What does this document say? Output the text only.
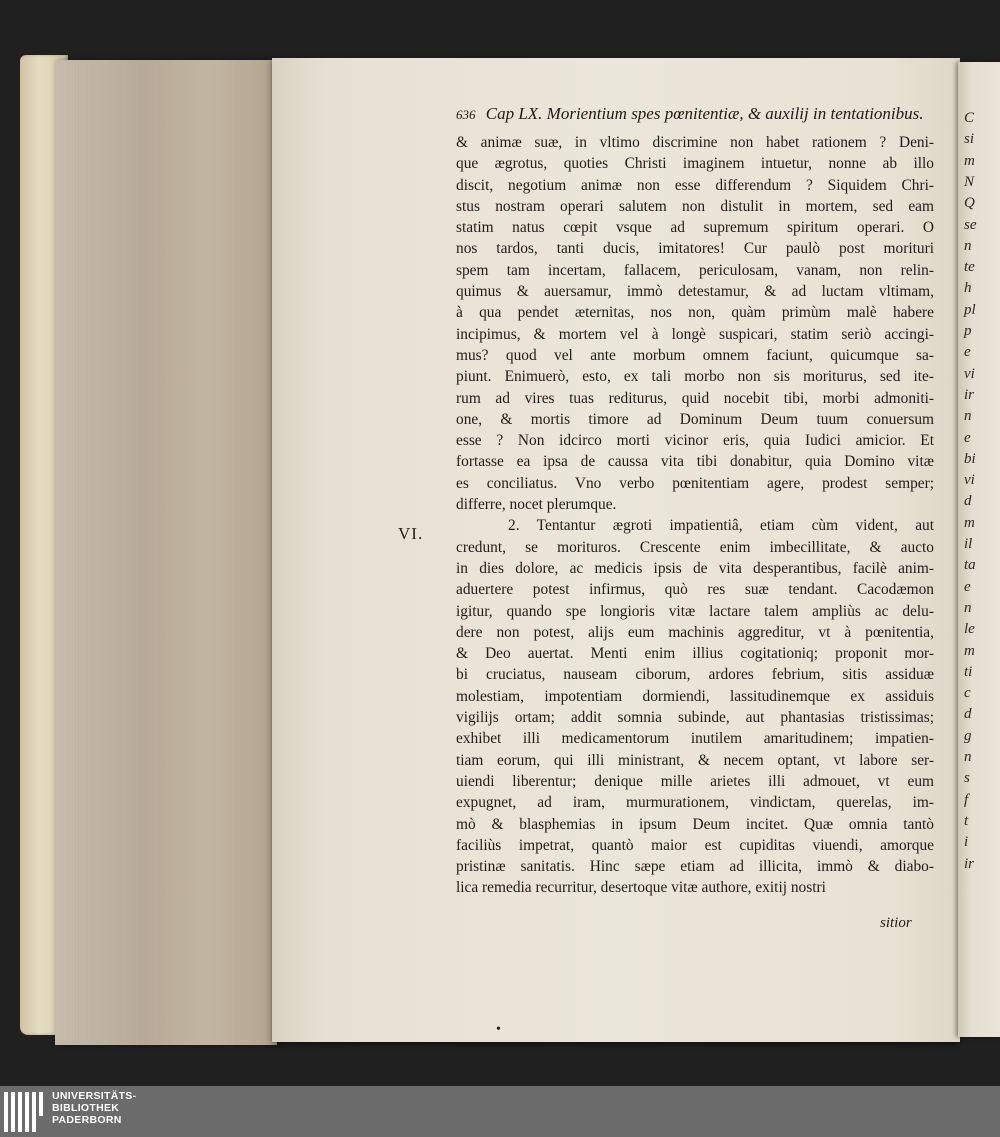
C
si
m
N
Q
se
n
te
h
pl
p
e
vi
ir
n
e
bi
vi
d
m
il
ta
e
n
le
m
ti
c
d
g
n
s
f
t
i
ir
636 Cap LX. Morientium spes pœnitentiæ, & auxilij in tentationibus.
VI.
& animæ suæ, in vltimo discrimine non habet rationem ? Deni-
que ægrotus, quoties Christi imaginem intuetur, nonne ab illo
discit, negotium animæ non esse differendum ? Siquidem Chri-
stus nostram operari salutem non distulit in mortem, sed eam
statim natus cœpit vsque ad supremum spiritum operari. O
nos tardos, tanti ducis, imitatores! Cur paulò post morituri
spem tam incertam, fallacem, periculosam, vanam, non relin-
quimus & auersamur, immò detestamur, & ad luctam vltimam,
à qua pendet æternitas, nos non, quàm primùm malè habere
incipimus, & mortem vel à longè suspicari, statim seriò accingi-
mus? quod vel ante morbum omnem faciunt, quicumque sa-
piunt. Enimuerò, esto, ex tali morbo non sis moriturus, sed ite-
rum ad vires tuas rediturus, quid nocebit tibi, morbi admoniti-
one, & mortis timore ad Dominum Deum tuum conuersum
esse ? Non idcirco morti vicinor eris, quia Iudici amicior. Et
fortasse ea ipsa de caussa vita tibi donabitur, quia Domino vitæ
es conciliatus. Vno verbo pœnitentiam agere, prodest semper;
differre, nocet plerumque.
2. Tentantur ægroti impatientiâ, etiam cùm vident, aut
credunt, se morituros. Crescente enim imbecillitate, & aucto
in dies dolore, ac medicis ipsis de vita desperantibus, facilè anim-
aduertere potest infirmus, quò res suæ tendant. Cacodæmon
igitur, quando spe longioris vitæ lactare talem ampliùs ac delu-
dere non potest, alijs eum machinis aggreditur, vt à pœnitentia,
& Deo auertat. Menti enim illius cogitationiq; proponit mor-
bi cruciatus, nauseam ciborum, ardores febrium, sitis assiduæ
molestiam, impotentiam dormiendi, lassitudinemque ex assiduis
vigilijs ortam; addit somnia subinde, aut phantasias tristissimas;
exhibet illi medicamentorum inutilem amaritudinem; impatien-
tiam eorum, qui illi ministrant, & necem optant, vt labore ser-
uiendi liberentur; denique mille arietes illi admouet, vt eum
expugnet, ad iram, murmurationem, vindictam, querelas, im-
mò & blasphemias in ipsum Deum incitet. Quæ omnia tantò
faciliùs impetrat, quantò maior est cupiditas viuendi, amorque
pristinæ sanitatis. Hinc sæpe etiam ad illicita, immò & diabo-
lica remedia recurritur, desertoque vitæ authore, exitij nostri
sitior
•
UNIVERSITÄTS-
BIBLIOTHEK
PADERBORN
